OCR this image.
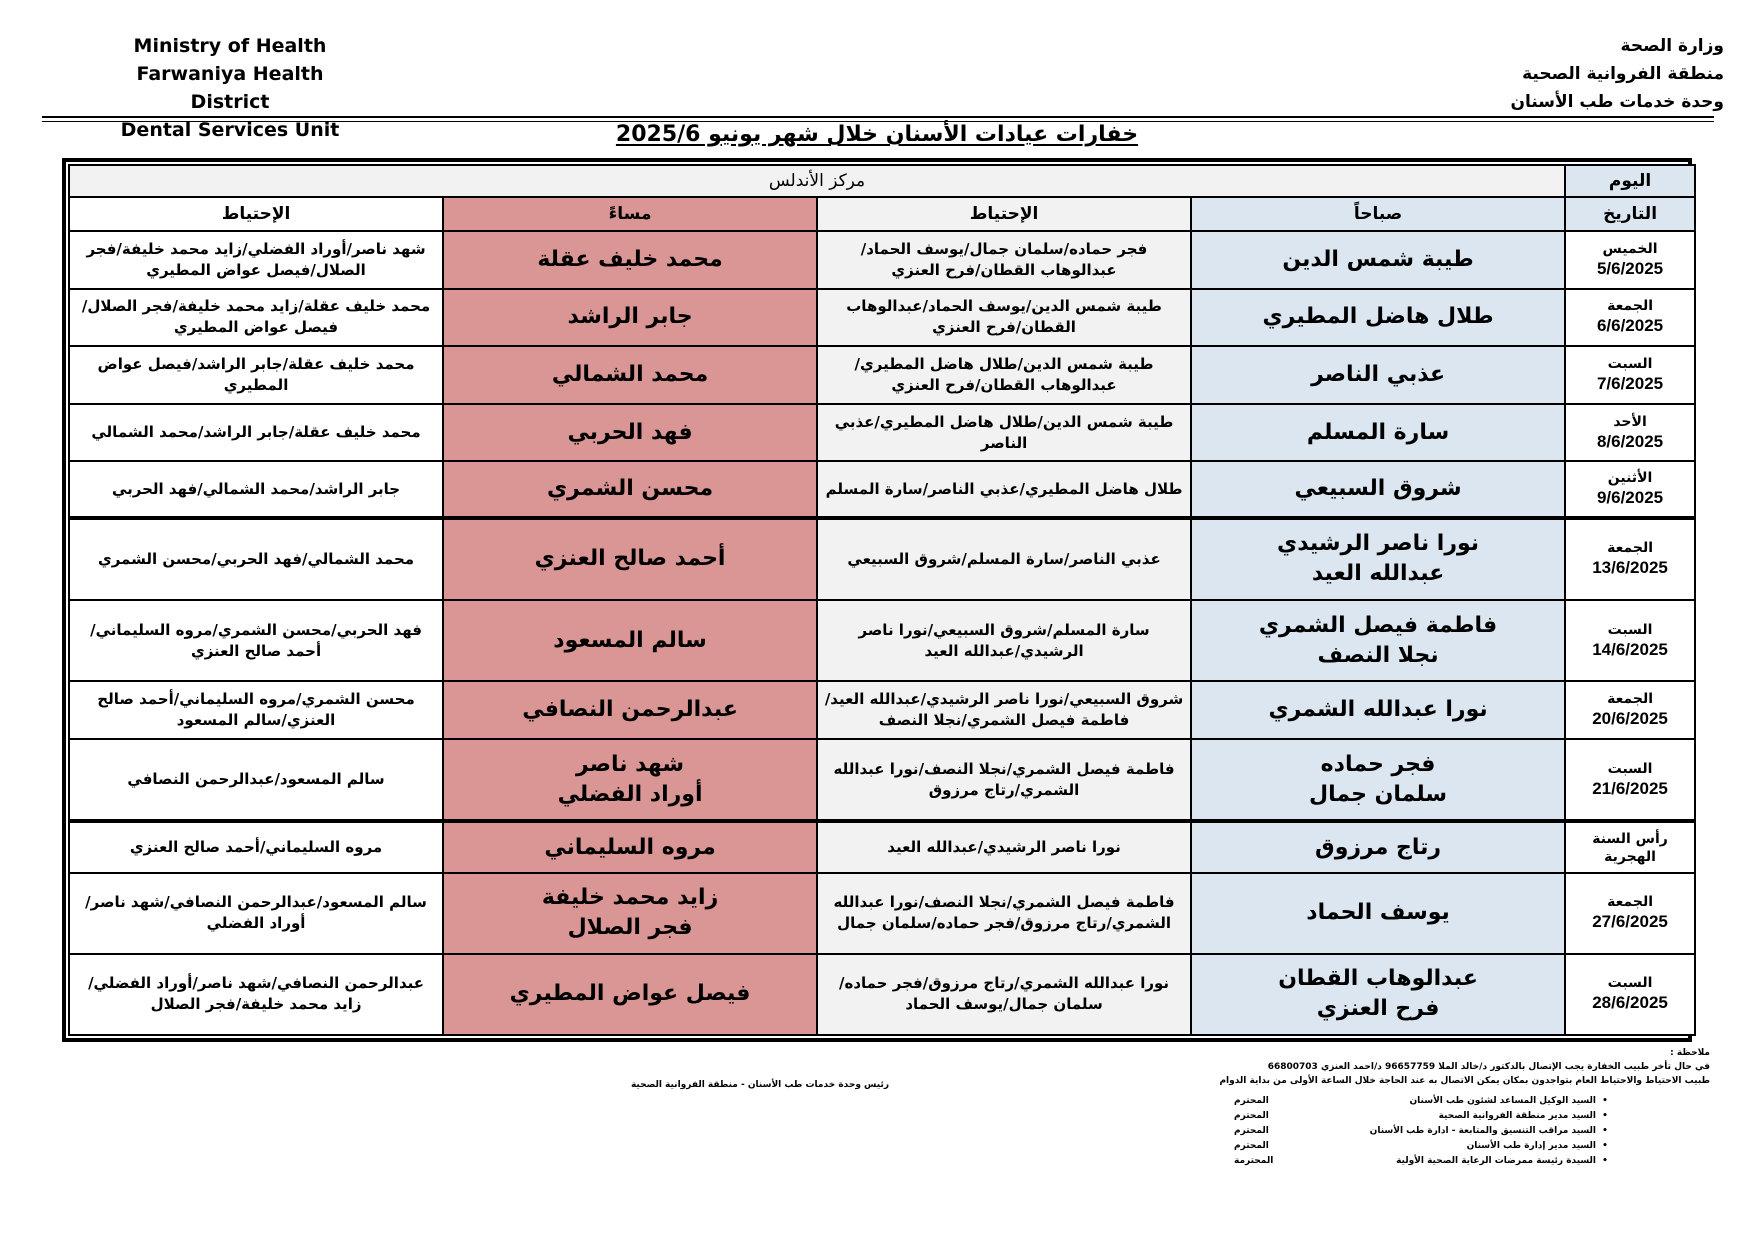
Ministry of Health
Farwaniya Health District
Dental Services Unit
وزارة الصحة
منطقة الفروانية الصحية
وحدة خدمات طب الأسنان
خفارات عيادات الأسنان خلال شهر يونيو 2025/6
اليوم	مركز الأندلس			
التاريخ	صباحاً	الإحتياط	مساءً	الإحتياط

الخميس
5/6/2025	طيبة شمس الدين	فجر حماده/سلمان جمال/يوسف الحماد/عبدالوهاب القطان/فرح العنزي	محمد خليف عقلة	شهد ناصر/أوراد الفضلي/زايد محمد خليفة/فجر الصلال/فيصل عواض المطيري

الجمعة
6/6/2025	طلال هاضل المطيري	طيبة شمس الدين/يوسف الحماد/عبدالوهاب القطان/فرح العنزي	جابر الراشد	محمد خليف عقلة/زايد محمد خليفة/فجر الصلال/فيصل عواض المطيري

السبت
7/6/2025	عذبي الناصر	طيبة شمس الدين/طلال هاضل المطيري/عبدالوهاب القطان/فرح العنزي	محمد الشمالي	محمد خليف عقلة/جابر الراشد/فيصل عواض المطيري

الأحد
8/6/2025	سارة المسلم	طيبة شمس الدين/طلال هاضل المطيري/عذبي الناصر	فهد الحربي	محمد خليف عقلة/جابر الراشد/محمد الشمالي

الأثنين
9/6/2025	شروق السبيعي	طلال هاضل المطيري/عذبي الناصر/سارة المسلم	محسن الشمري	جابر الراشد/محمد الشمالي/فهد الحربي

الجمعة
13/6/2025	نورا ناصر الرشيدي
عبدالله العيد	عذبي الناصر/سارة المسلم/شروق السبيعي	أحمد صالح العنزي	محمد الشمالي/فهد الحربي/محسن الشمري

السبت
14/6/2025	فاطمة فيصل الشمري
نجلا النصف	سارة المسلم/شروق السبيعي/نورا ناصر الرشيدي/عبدالله العيد	سالم المسعود	فهد الحربي/محسن الشمري/مروه السليماني/أحمد صالح العنزي

الجمعة
20/6/2025	نورا عبدالله الشمري	شروق السبيعي/نورا ناصر الرشيدي/عبدالله العيد/فاطمة فيصل الشمري/نجلا النصف	عبدالرحمن النصافي	محسن الشمري/مروه السليماني/أحمد صالح العنزي/سالم المسعود

السبت
21/6/2025	فجر حماده
سلمان جمال	فاطمة فيصل الشمري/نجلا النصف/نورا عبدالله الشمري/رتاج مرزوق	شهد ناصر
أوراد الفضلي	سالم المسعود/عبدالرحمن النصافي

رأس السنة الهجرية	رتاج مرزوق	نورا ناصر الرشيدي/عبدالله العيد	مروه السليماني	مروه السليماني/أحمد صالح العنزي

الجمعة
27/6/2025	يوسف الحماد	فاطمة فيصل الشمري/نجلا النصف/نورا عبدالله الشمري/رتاج مرزوق/فجر حماده/سلمان جمال	زايد محمد خليفة
فجر الصلال	سالم المسعود/عبدالرحمن النصافي/شهد ناصر/أوراد الفضلي

السبت
28/6/2025	عبدالوهاب القطان
فرح العنزي	نورا عبدالله الشمري/رتاج مرزوق/فجر حماده/سلمان جمال/يوسف الحماد	فيصل عواض المطيري	عبدالرحمن النصافي/شهد ناصر/أوراد الفضلي/زايد محمد خليفة/فجر الصلال
ملاحظة :
في حال تأخر طبيب الخفارة يجب الإتصال بالدكتور د/خالد الملا 96657759 د/احمد العنزي 66800703
طبيب الاحتياط والاحتياط العام بتواجدون بمكان يمكن الاتصال به عند الحاجة خلال الساعة الأولى من بداية الدوام
رئيس وحدة خدمات طب الأسنان - منطقة الفروانية الصحية
•
السيد الوكيل المساعد لشئون طب الأسنان
المحترم
•
السيد مدير منطقة الفروانية الصحية
المحترم
•
السيد مراقب التنسيق والمتابعة - ادارة طب الأسنان
المحترم
•
السيد مدير إدارة طب الأسنان
المحترم
•
السيدة رئيسة ممرضات الرعاية الصحية الأولية
المحترمة
